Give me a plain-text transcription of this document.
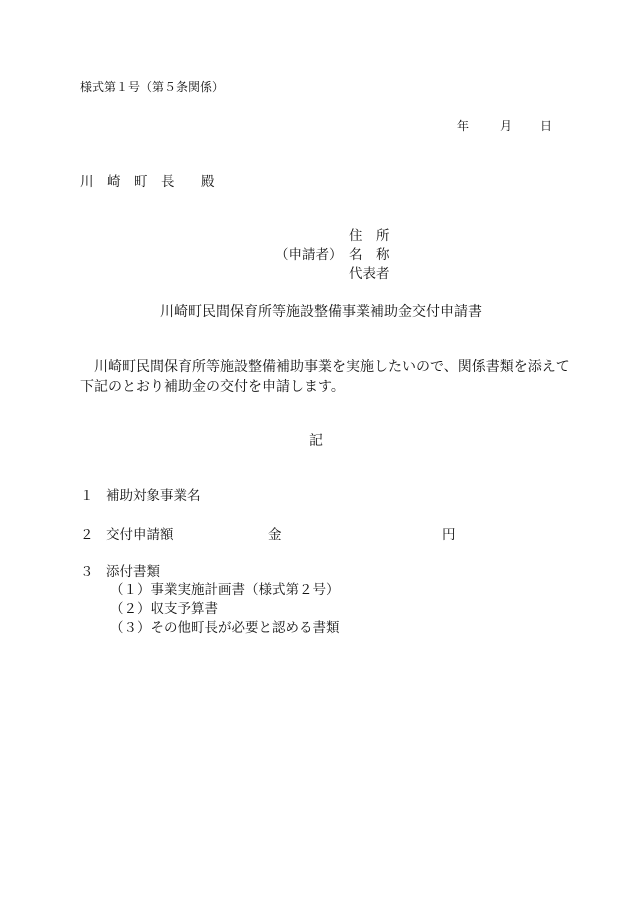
様式第１号（第５条関係）
年	月 日
川 崎 町 長 殿
（申請者）
住　所
名　称
代表者
川崎町民間保育所等施設整備事業補助金交付申請書
　川崎町民間保育所等施設整備補助事業を実施したいので、関係書類を添えて
下記のとおり補助金の交付を申請します。
記
１ 補助対象事業名
２ 交付申請額	金	円
３ 添付書類
（１）事業実施計画書（様式第２号）
（２）収支予算書
（３）その他町長が必要と認める書類
